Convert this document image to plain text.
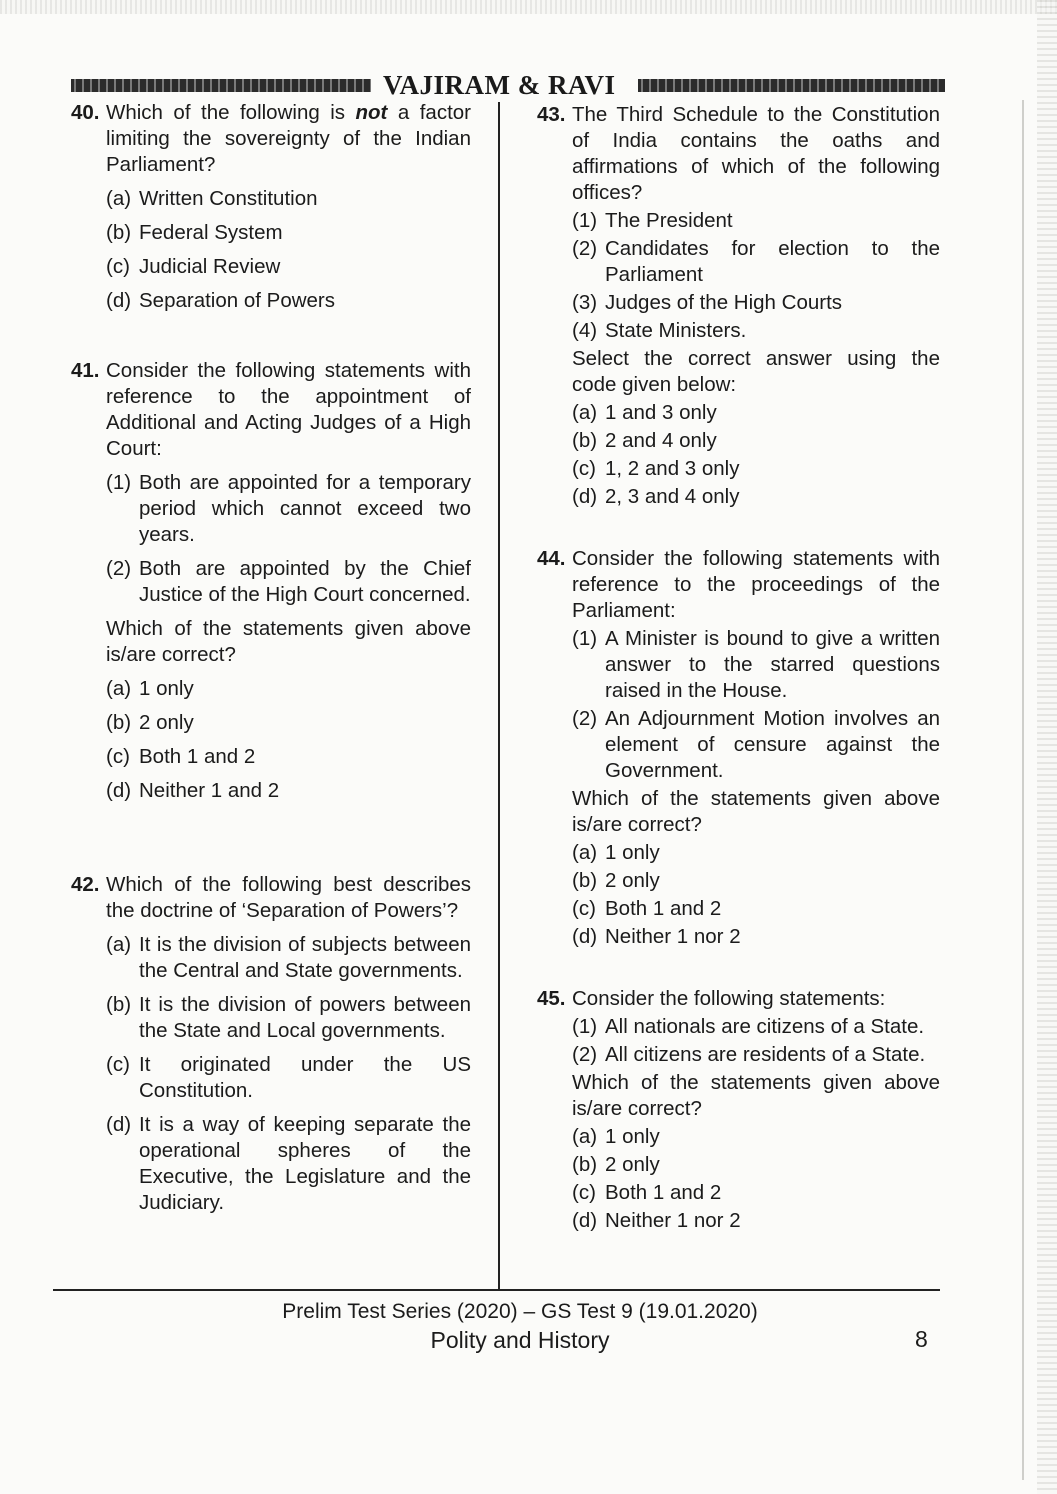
VAJIRAM & RAVI
40. Which of the following is not a factor limiting the sovereignty of the Indian Parliament?
(a) Written Constitution
(b) Federal System
(c) Judicial Review
(d) Separation of Powers
41. Consider the following statements with reference to the appointment of Additional and Acting Judges of a High Court:
(1) Both are appointed for a temporary period which cannot exceed two years.
(2) Both are appointed by the Chief Justice of the High Court concerned.
Which of the statements given above is/are correct?
(a) 1 only
(b) 2 only
(c) Both 1 and 2
(d) Neither 1 and 2
42. Which of the following best describes the doctrine of ‘Separation of Powers’?
(a) It is the division of subjects between the Central and State governments.
(b) It is the division of powers between the State and Local governments.
(c) It originated under the US Constitution.
(d) It is a way of keeping separate the operational spheres of the Executive, the Legislature and the Judiciary.
43. The Third Schedule to the Constitution of India contains the oaths and affirmations of which of the following offices?
(1) The President
(2) Candidates for election to the Parliament
(3) Judges of the High Courts
(4) State Ministers.
Select the correct answer using the code given below:
(a) 1 and 3 only
(b) 2 and 4 only
(c) 1, 2 and 3 only
(d) 2, 3 and 4 only
44. Consider the following statements with reference to the proceedings of the Parliament:
(1) A Minister is bound to give a written answer to the starred questions raised in the House.
(2) An Adjournment Motion involves an element of censure against the Government.
Which of the statements given above is/are correct?
(a) 1 only
(b) 2 only
(c) Both 1 and 2
(d) Neither 1 nor 2
45. Consider the following statements:
(1) All nationals are citizens of a State.
(2) All citizens are residents of a State.
Which of the statements given above is/are correct?
(a) 1 only
(b) 2 only
(c) Both 1 and 2
(d) Neither 1 nor 2
Prelim Test Series (2020) – GS Test 9 (19.01.2020)
Polity and History	8
